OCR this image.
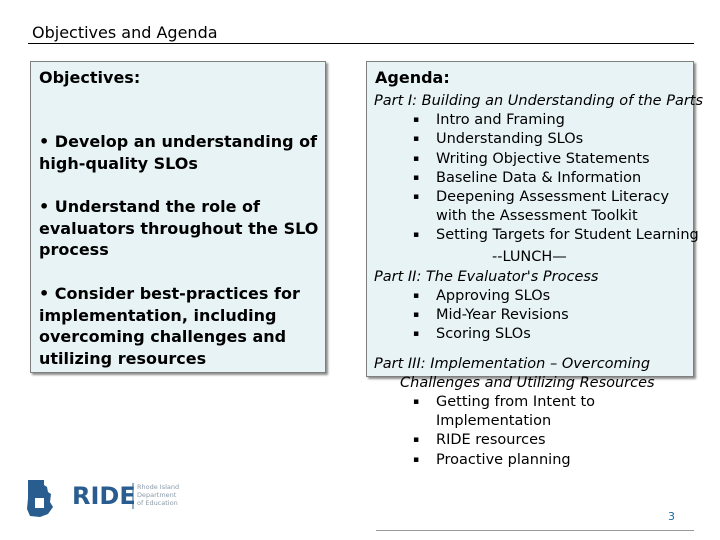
Objectives and Agenda
Objectives:
• Develop an understanding of high-quality SLOs
• Understand the role of evaluators throughout the SLO process
• Consider best-practices for implementation, including overcoming challenges and utilizing resources
Agenda:
Part I: Building an Understanding of the Parts
▪	Intro and Framing
▪	Understanding SLOs
▪	Writing Objective Statements
▪	Baseline Data & Information
▪	Deepening Assessment Literacy with the Assessment Toolkit
▪	Setting Targets for Student Learning
--LUNCH—
Part II: The Evaluator's Process
▪	Approving SLOs
▪	Mid-Year Revisions
▪	Scoring SLOs
Part III: Implementation – Overcoming
Challenges and Utilizing Resources
▪	Getting from Intent to Implementation
▪	RIDE resources
▪	Proactive planning
RIDE Rhode Island
Department
of Education
3
